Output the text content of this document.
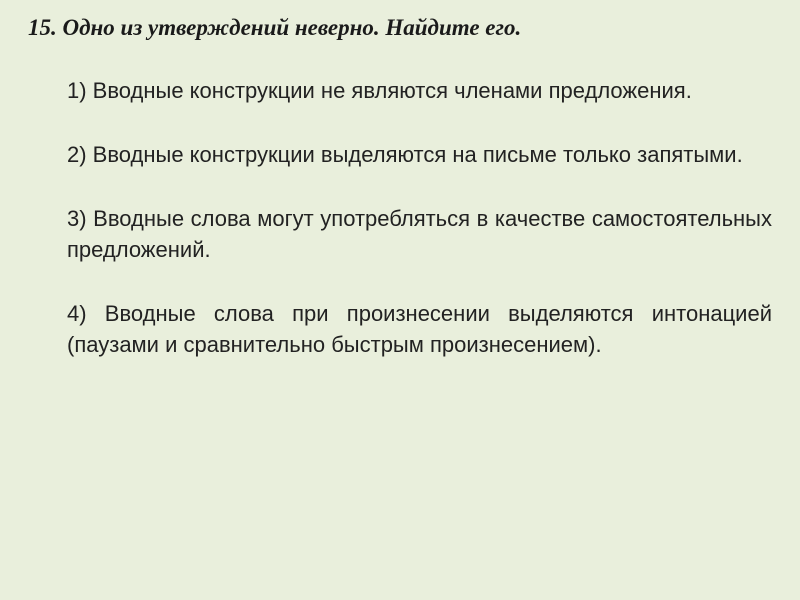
15. Одно из утверждений неверно. Найдите его.
1) Вводные конструкции не являются членами предложения.
2) Вводные конструкции выделяются на письме только запятыми.
3) Вводные слова могут употребляться в качестве самостоятельных предложений.
4) Вводные слова при произнесении выделяются интонацией (паузами и сравнительно быстрым произнесением).
